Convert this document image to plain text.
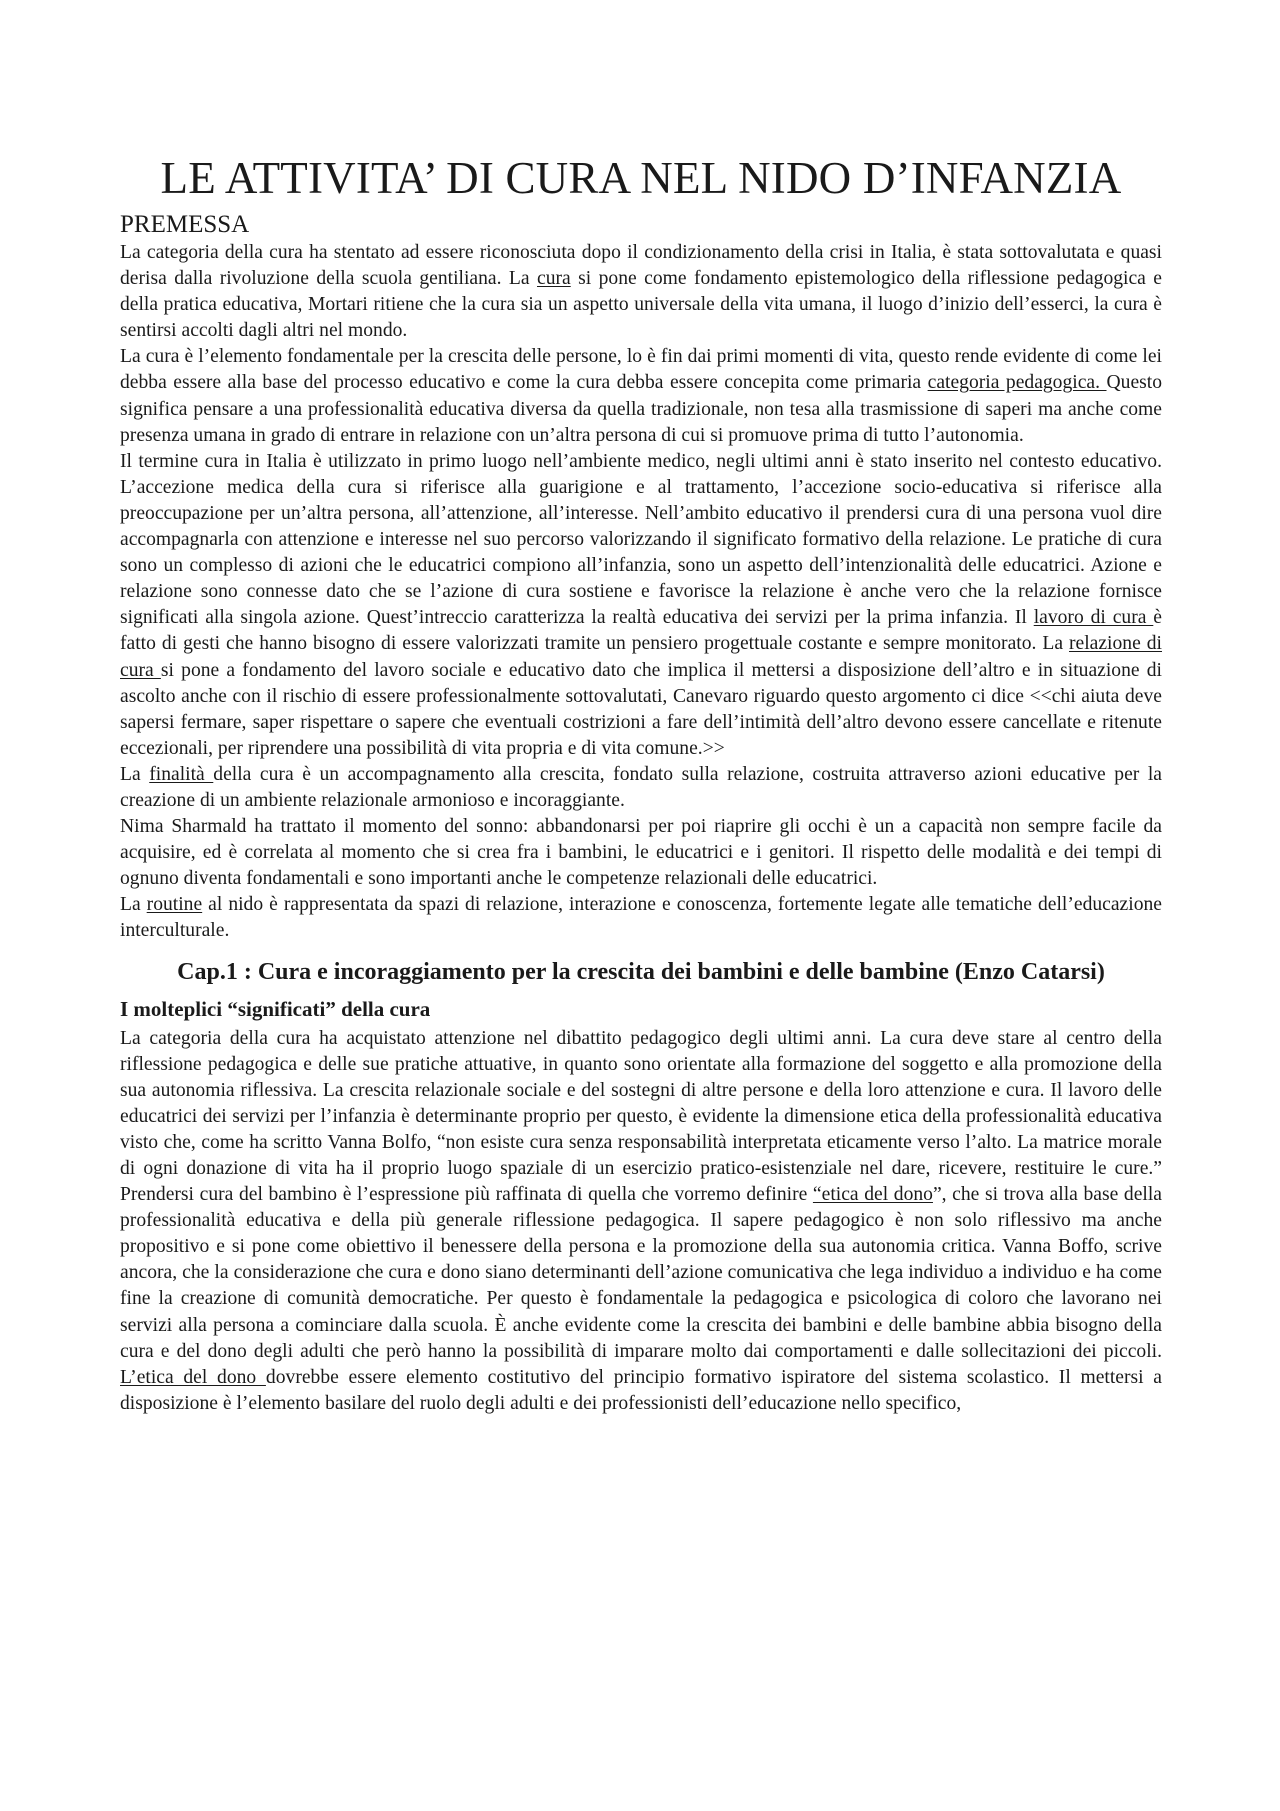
LE ATTIVITA’ DI CURA NEL NIDO D’INFANZIA
PREMESSA

La categoria della cura ha stentato ad essere riconosciuta dopo il condizionamento della crisi in Italia, è stata sottovalutata e quasi derisa dalla rivoluzione della scuola gentiliana. La cura si pone come fondamento epistemologico della riflessione pedagogica e della pratica educativa, Mortari ritiene che la cura sia un aspetto universale della vita umana, il luogo d’inizio dell’esserci, la cura è sentirsi accolti dagli altri nel mondo.

La cura è l’elemento fondamentale per la crescita delle persone, lo è fin dai primi momenti di vita, questo rende evidente di come lei debba essere alla base del processo educativo e come la cura debba essere concepita come primaria categoria pedagogica. Questo significa pensare a una professionalità educativa diversa da quella tradizionale, non tesa alla trasmissione di saperi ma anche come presenza umana in grado di entrare in relazione con un’altra persona di cui si promuove prima di tutto l’autonomia.

Il termine cura in Italia è utilizzato in primo luogo nell’ambiente medico, negli ultimi anni è stato inserito nel contesto educativo. L’accezione medica della cura si riferisce alla guarigione e al trattamento, l’accezione socio-educativa si riferisce alla preoccupazione per un’altra persona, all’attenzione, all’interesse. Nell’ambito educativo il prendersi cura di una persona vuol dire accompagnarla con attenzione e interesse nel suo percorso valorizzando il significato formativo della relazione. Le pratiche di cura sono un complesso di azioni che le educatrici compiono all’infanzia, sono un aspetto dell’intenzionalità delle educatrici. Azione e relazione sono connesse dato che se l’azione di cura sostiene e favorisce la relazione è anche vero che la relazione fornisce significati alla singola azione. Quest’intreccio caratterizza la realtà educativa dei servizi per la prima infanzia. Il lavoro di cura è fatto di gesti che hanno bisogno di essere valorizzati tramite un pensiero progettuale costante e sempre monitorato. La relazione di cura si pone a fondamento del lavoro sociale e educativo dato che implica il mettersi a disposizione dell’altro e in situazione di ascolto anche con il rischio di essere professionalmente sottovalutati, Canevaro riguardo questo argomento ci dice <<chi aiuta deve sapersi fermare, saper rispettare o sapere che eventuali costrizioni a fare dell’intimità dell’altro devono essere cancellate e ritenute eccezionali, per riprendere una possibilità di vita propria e di vita comune.>>

La finalità della cura è un accompagnamento alla crescita, fondato sulla relazione, costruita attraverso azioni educative per la creazione di un ambiente relazionale armonioso e incoraggiante.

Nima Sharmald ha trattato il momento del sonno: abbandonarsi per poi riaprire gli occhi è un a capacità non sempre facile da acquisire, ed è correlata al momento che si crea fra i bambini, le educatrici e i genitori. Il rispetto delle modalità e dei tempi di ognuno diventa fondamentali e sono importanti anche le competenze relazionali delle educatrici.

La routine al nido è rappresentata da spazi di relazione, interazione e conoscenza, fortemente legate alle tematiche dell’educazione interculturale.

Cap.1 : Cura e incoraggiamento per la crescita dei bambini e delle bambine (Enzo Catarsi)
I molteplici “significati” della cura

La categoria della cura ha acquistato attenzione nel dibattito pedagogico degli ultimi anni. La cura deve stare al centro della riflessione pedagogica e delle sue pratiche attuative, in quanto sono orientate alla formazione del soggetto e alla promozione della sua autonomia riflessiva. La crescita relazionale sociale e del sostegni di altre persone e della loro attenzione e cura. Il lavoro delle educatrici dei servizi per l’infanzia è determinante proprio per questo, è evidente la dimensione etica della professionalità educativa visto che, come ha scritto Vanna Bolfo, “non esiste cura senza responsabilità interpretata eticamente verso l’alto. La matrice morale di ogni donazione di vita ha il proprio luogo spaziale di un esercizio pratico-esistenziale nel dare, ricevere, restituire le cure.” Prendersi cura del bambino è l’espressione più raffinata di quella che vorremo definire “etica del dono”, che si trova alla base della professionalità educativa e della più generale riflessione pedagogica. Il sapere pedagogico è non solo riflessivo ma anche propositivo e si pone come obiettivo il benessere della persona e la promozione della sua autonomia critica. Vanna Boffo, scrive ancora, che la considerazione che cura e dono siano determinanti dell’azione comunicativa che lega individuo a individuo e ha come fine la creazione di comunità democratiche. Per questo è fondamentale la pedagogica e psicologica di coloro che lavorano nei servizi alla persona a cominciare dalla scuola. È anche evidente come la crescita dei bambini e delle bambine abbia bisogno della cura e del dono degli adulti che però hanno la possibilità di imparare molto dai comportamenti e dalle sollecitazioni dei piccoli. L’etica del dono dovrebbe essere elemento costitutivo del principio formativo ispiratore del sistema scolastico. Il mettersi a disposizione è l’elemento basilare del ruolo degli adulti e dei professionisti dell’educazione nello specifico,
